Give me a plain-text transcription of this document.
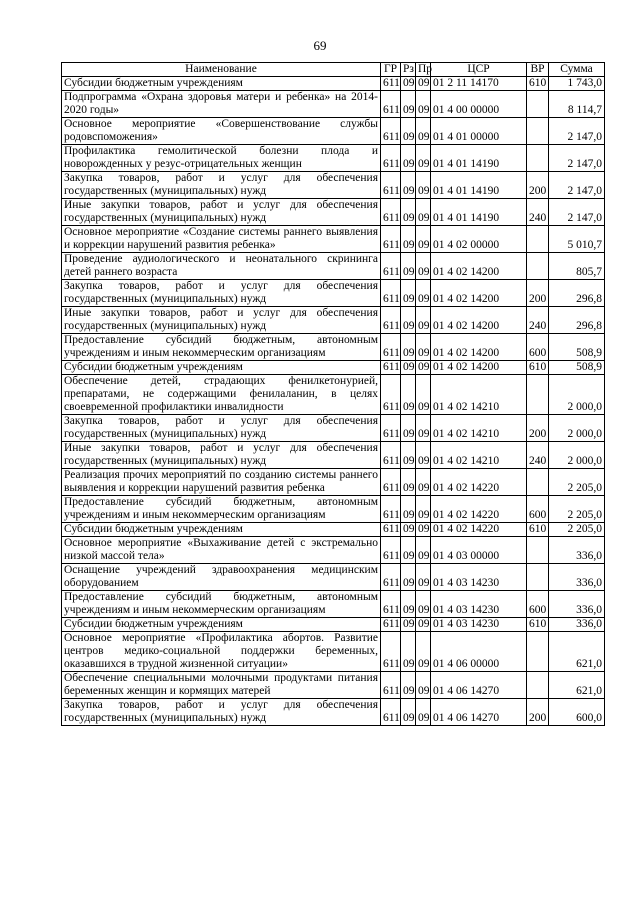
69
Наименование	ГР	Рз	Пр	ЦСР	ВР	Сумма
Субсидии бюджетным учреждениям	611	09	09	01 2 11 14170	610	1 743,0
Подпрограмма «Охрана здоровья матери и ребенка» на 2014-2020 годы»	611	09	09	01 4 00 00000		8 114,7
Основное мероприятие «Совершенствование службы родовспоможения»	611	09	09	01 4 01 00000		2 147,0
Профилактика гемолитической болезни плода и новорожденных у резус-отрицательных женщин	611	09	09	01 4 01 14190		2 147,0
Закупка товаров, работ и услуг для обеспечения государственных (муниципальных) нужд	611	09	09	01 4 01 14190	200	2 147,0
Иные закупки товаров, работ и услуг для обеспечения государственных (муниципальных) нужд	611	09	09	01 4 01 14190	240	2 147,0
Основное мероприятие «Создание системы раннего выявления и коррекции нарушений развития ребенка»	611	09	09	01 4 02 00000		5 010,7
Проведение аудиологического и неонатального скрининга детей раннего возраста	611	09	09	01 4 02 14200		805,7
Закупка товаров, работ и услуг для обеспечения государственных (муниципальных) нужд	611	09	09	01 4 02 14200	200	296,8
Иные закупки товаров, работ и услуг для обеспечения государственных (муниципальных) нужд	611	09	09	01 4 02 14200	240	296,8
Предоставление субсидий бюджетным, автономным учреждениям и иным некоммерческим организациям	611	09	09	01 4 02 14200	600	508,9
Субсидии бюджетным учреждениям	611	09	09	01 4 02 14200	610	508,9
Обеспечение детей, страдающих фенилкетонурией, препаратами, не содержащими фенилаланин, в целях своевременной профилактики инвалидности	611	09	09	01 4 02 14210		2 000,0
Закупка товаров, работ и услуг для обеспечения государственных (муниципальных) нужд	611	09	09	01 4 02 14210	200	2 000,0
Иные закупки товаров, работ и услуг для обеспечения государственных (муниципальных) нужд	611	09	09	01 4 02 14210	240	2 000,0
Реализация прочих мероприятий по созданию системы раннего выявления и коррекции нарушений развития ребенка	611	09	09	01 4 02 14220		2 205,0
Предоставление субсидий бюджетным, автономным учреждениям и иным некоммерческим организациям	611	09	09	01 4 02 14220	600	2 205,0
Субсидии бюджетным учреждениям	611	09	09	01 4 02 14220	610	2 205,0
Основное мероприятие «Выхаживание детей с экстремально низкой массой тела»	611	09	09	01 4 03 00000		336,0
Оснащение учреждений здравоохранения медицинским оборудованием	611	09	09	01 4 03 14230		336,0
Предоставление субсидий бюджетным, автономным учреждениям и иным некоммерческим организациям	611	09	09	01 4 03 14230	600	336,0
Субсидии бюджетным учреждениям	611	09	09	01 4 03 14230	610	336,0
Основное мероприятие «Профилактика абортов. Развитие центров медико-социальной поддержки беременных, оказавшихся в трудной жизненной ситуации»	611	09	09	01 4 06 00000		621,0
Обеспечение специальными молочными продуктами питания беременных женщин и кормящих матерей	611	09	09	01 4 06 14270		621,0
Закупка товаров, работ и услуг для обеспечения государственных (муниципальных) нужд	611	09	09	01 4 06 14270	200	600,0
